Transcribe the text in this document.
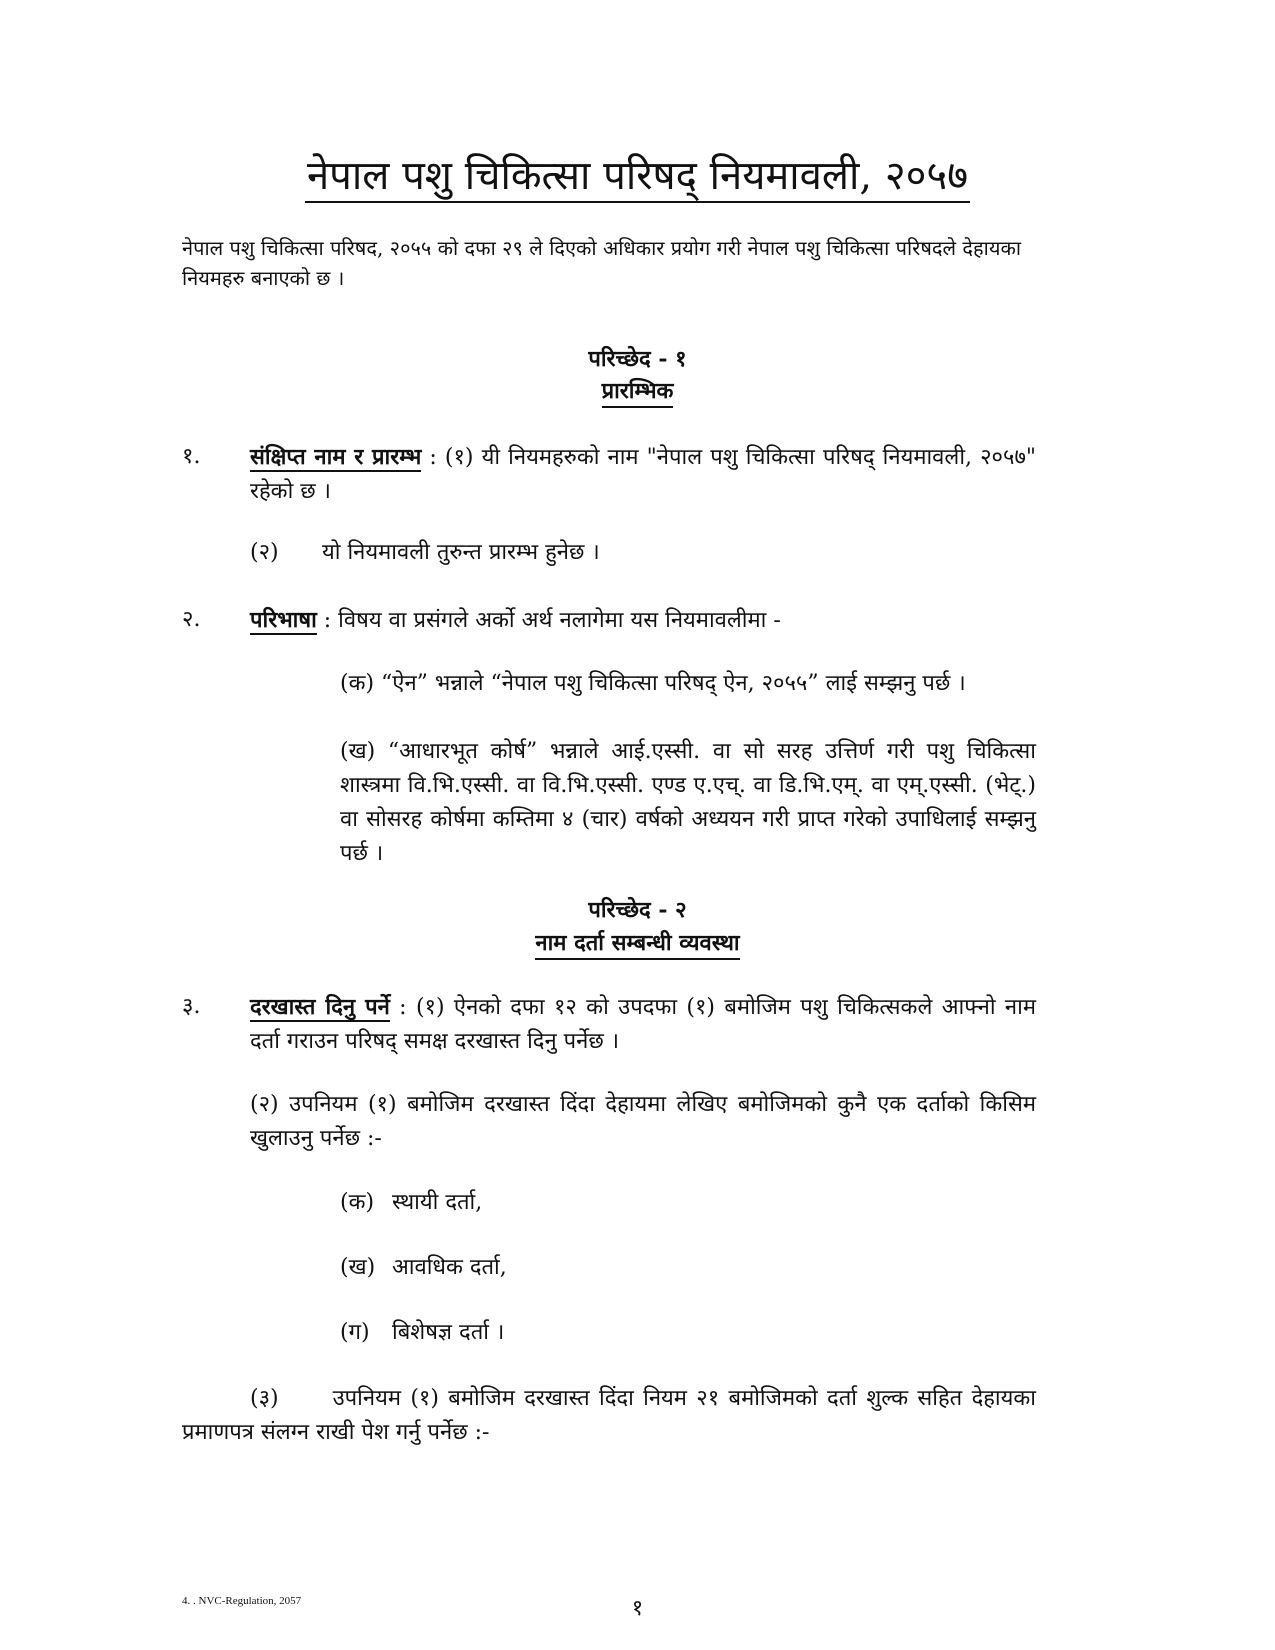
नेपाल पशु चिकित्सा परिषद् नियमावली, २०५७
नेपाल पशु चिकित्सा परिषद, २०५५ को दफा २९ ले दिएको अधिकार प्रयोग गरी नेपाल पशु चिकित्सा परिषदले देहायका नियमहरु बनाएको छ ।
परिच्छेद - १
प्रारम्भिक
१. संक्षिप्त नाम र प्रारम्भ : (१) यी नियमहरुको नाम "नेपाल पशु चिकित्सा परिषद् नियमावली, २०५७" रहेको छ ।
(२) यो नियमावली तुरुन्त प्रारम्भ हुनेछ ।
२. परिभाषा : विषय वा प्रसंगले अर्को अर्थ नलागेमा यस नियमावलीमा -
(क) “ऐन” भन्नाले “नेपाल पशु चिकित्सा परिषद् ऐन, २०५५” लाई सम्झनु पर्छ ।
(ख) “आधारभूत कोर्ष” भन्नाले आई.एस्सी. वा सो सरह उत्तिर्ण गरी पशु चिकित्सा शास्त्रमा वि.भि.एस्सी. वा वि.भि.एस्सी. एण्ड ए.एच्. वा डि.भि.एम्. वा एम्.एस्सी. (भेट्.) वा सोसरह कोर्षमा कम्तिमा ४ (चार) वर्षको अध्ययन गरी प्राप्त गरेको उपाधिलाई सम्झनु पर्छ ।
परिच्छेद - २
नाम दर्ता सम्बन्धी व्यवस्था
३. दरखास्त दिनु पर्ने : (१) ऐनको दफा १२ को उपदफा (१) बमोजिम पशु चिकित्सकले आफ्नो नाम दर्ता गराउन परिषद् समक्ष दरखास्त दिनु पर्नेछ ।
(२) उपनियम (१) बमोजिम दरखास्त दिंदा देहायमा लेखिए बमोजिमको कुनै एक दर्ताको किसिम खुलाउनु पर्नेछ :-
(क) स्थायी दर्ता,
(ख) आवधिक दर्ता,
(ग) बिशेषज्ञ दर्ता ।
(३) उपनियम (१) बमोजिम दरखास्त दिंदा नियम २१ बमोजिमको दर्ता शुल्क सहित देहायका प्रमाणपत्र संलग्न राखी पेश गर्नु पर्नेछ :-
4. . NVC-Regulation, 2057	१
